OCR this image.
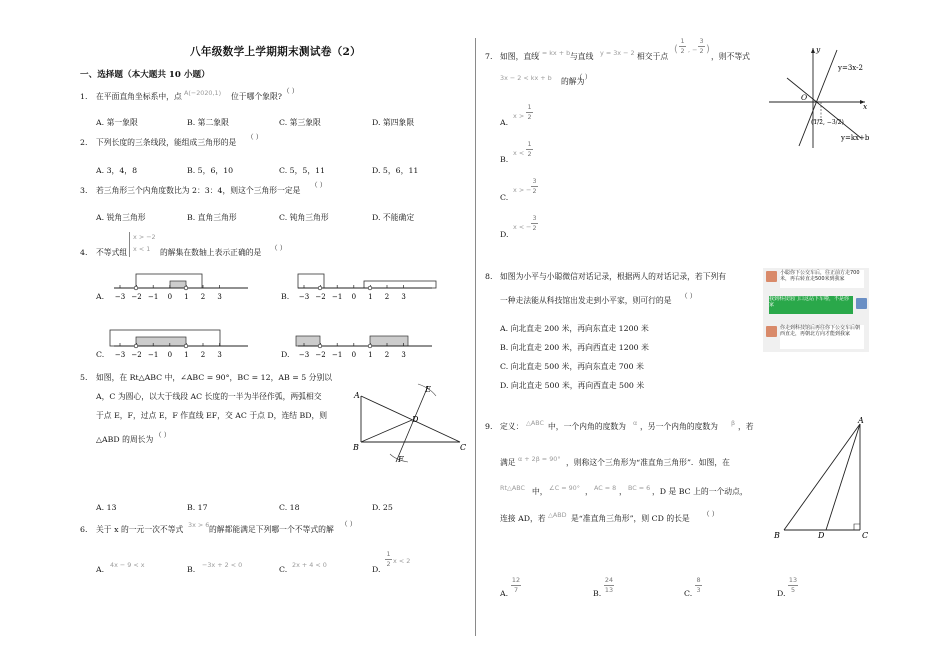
八年级数学上学期期末测试卷（2）
一、选择题（本大题共 10 小题）
1. 在平面直角坐标系中，点 A(−2020,1) 位于哪个象限?
（ ）
A. 第一象限	B. 第二象限	C. 第三象限	D. 第四象限
2. 下列长度的三条线段，能组成三角形的是
（ ）
A. 3，4，8	B. 5，6，10	C. 5，5，11	D. 5，6，11
3. 若三角形三个内角度数比为 2：3：4，则这个三角形一定是
（ ）
A. 锐角三角形	B. 直角三角形	C. 钝角三角形	D. 不能确定
4. 不等式组
x > −2
x < 1 的解集在数轴上表示正确的是 （ ）
A.	B.
C.	D.
−3 −2 −1 0 1 2 3	−3 −2 −1 0 1 2 3
−3 −2 −1 0 1 2 3	−3 −2 −1 0 1 2 3
5. 如图，在 Rt△ABC 中，∠ABC = 90°，BC = 12，AB = 5 分别以
A，C 为圆心，以大于线段 AC 长度的一半为半径作弧，两弧相交
于点 E，F，过点 E，F 作直线 EF，交 AC 于点 D，连结 BD，则
△ABD 的周长为 （ ）
A
B	C
D
E
F
A. 13	B. 17	C. 18	D. 25
6. 关于 x 的一元一次不等式 3x > 6 的解都能满足下列哪一个不等式的解
（ ）
A. 4x − 9 < x	B. −3x + 2 < 0	C. 2x + 4 < 0	D.
1
2 x < 2
7. 如图，直线
y = kx + b 与直线 y = 3x − 2 相交于点
(
1
2 , −
3
2 )
，则不等式
3x − 2 < kx + b 的解为
（ ）
A.
x >
1
2
B.
x <
1
2
C.
x > −
3
2
D.
x < −
3
2
y
x
O
y=3x-2
y=kx+b
(1/2, −3/2)
8. 如图为小平与小聪微信对话记录，根据两人的对话记录，若下列有
一种走法能从科技馆出发走到小平家，则可行的是 （ ）
A. 向北直走 200 米，再向东直走 1200 米
B. 向北直走 200 米，再向西直走 1200 米
C. 向北直走 500 米，再向东直走 700 米
D. 向北直走 500 米，再向西直走 500 米
小聪你下公交车后，往正前方走700米，再右转直走500米到我家
我到科技馆门口这站下车啦，不是你家
你走到科技馆后再往你下公交车后朝西直走，再朝北方向才能到我家
9. 定义： △ABC 中，一个内角的度数为 α ，另一个内角的度数为 β ，若
满足 α + 2β = 90° ，则称这个三角形为“准直角三角形”．如图，在
Rt△ABC 中， ∠C = 90° ， AC = 8 ， BC = 6 ，D 是 BC 上的一个动点，
连接 AD，若 △ABD 是“准直角三角形”，则 CD 的长是 （ ）
A
B	D	C
A.
12
7	B.
24
13	C.
8
3	D.
13
5
